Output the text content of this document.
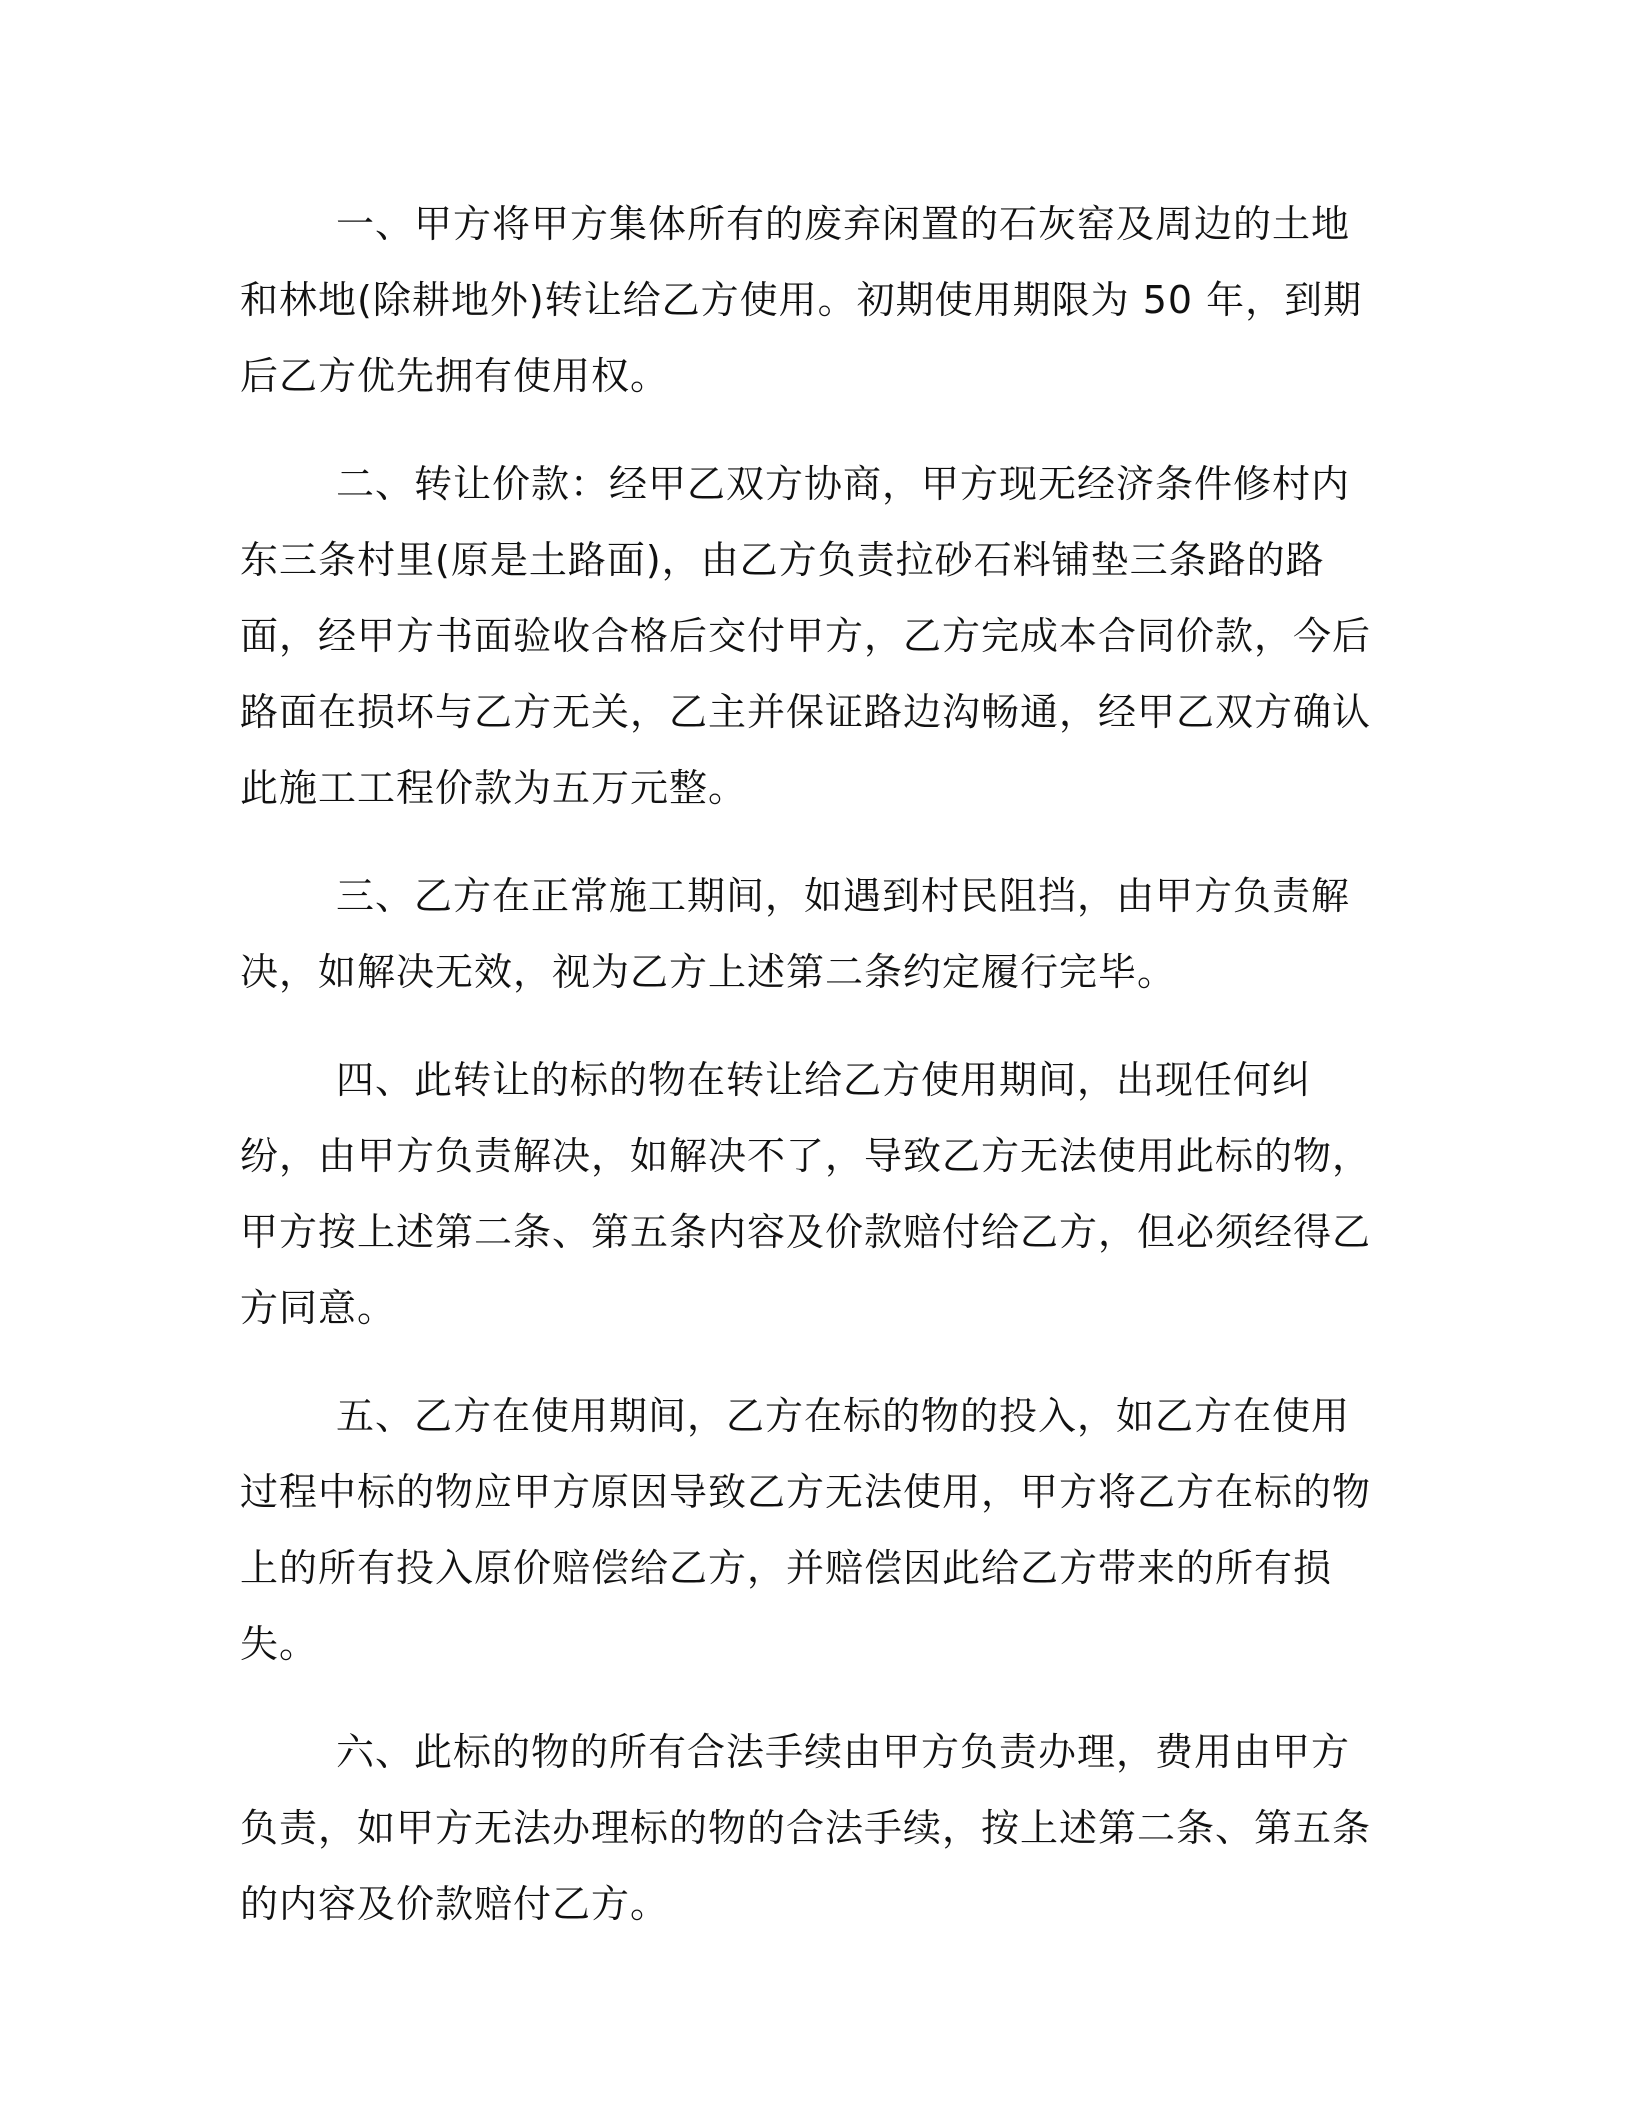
一、甲方将甲方集体所有的废弃闲置的石灰窑及周边的土地和林地(除耕地外)转让给乙方使用。初期使用期限为 50 年，到期后乙方优先拥有使用权。

二、转让价款：经甲乙双方协商，甲方现无经济条件修村内东三条村里(原是土路面)，由乙方负责拉砂石料铺垫三条路的路面，经甲方书面验收合格后交付甲方，乙方完成本合同价款，今后路面在损坏与乙方无关，乙主并保证路边沟畅通，经甲乙双方确认此施工工程价款为五万元整。

三、乙方在正常施工期间，如遇到村民阻挡，由甲方负责解决，如解决无效，视为乙方上述第二条约定履行完毕。

四、此转让的标的物在转让给乙方使用期间，出现任何纠纷，由甲方负责解决，如解决不了，导致乙方无法使用此标的物，甲方按上述第二条、第五条内容及价款赔付给乙方，但必须经得乙方同意。

五、乙方在使用期间，乙方在标的物的投入，如乙方在使用过程中标的物应甲方原因导致乙方无法使用，甲方将乙方在标的物上的所有投入原价赔偿给乙方，并赔偿因此给乙方带来的所有损失。

六、此标的物的所有合法手续由甲方负责办理，费用由甲方负责，如甲方无法办理标的物的合法手续，按上述第二条、第五条的内容及价款赔付乙方。
